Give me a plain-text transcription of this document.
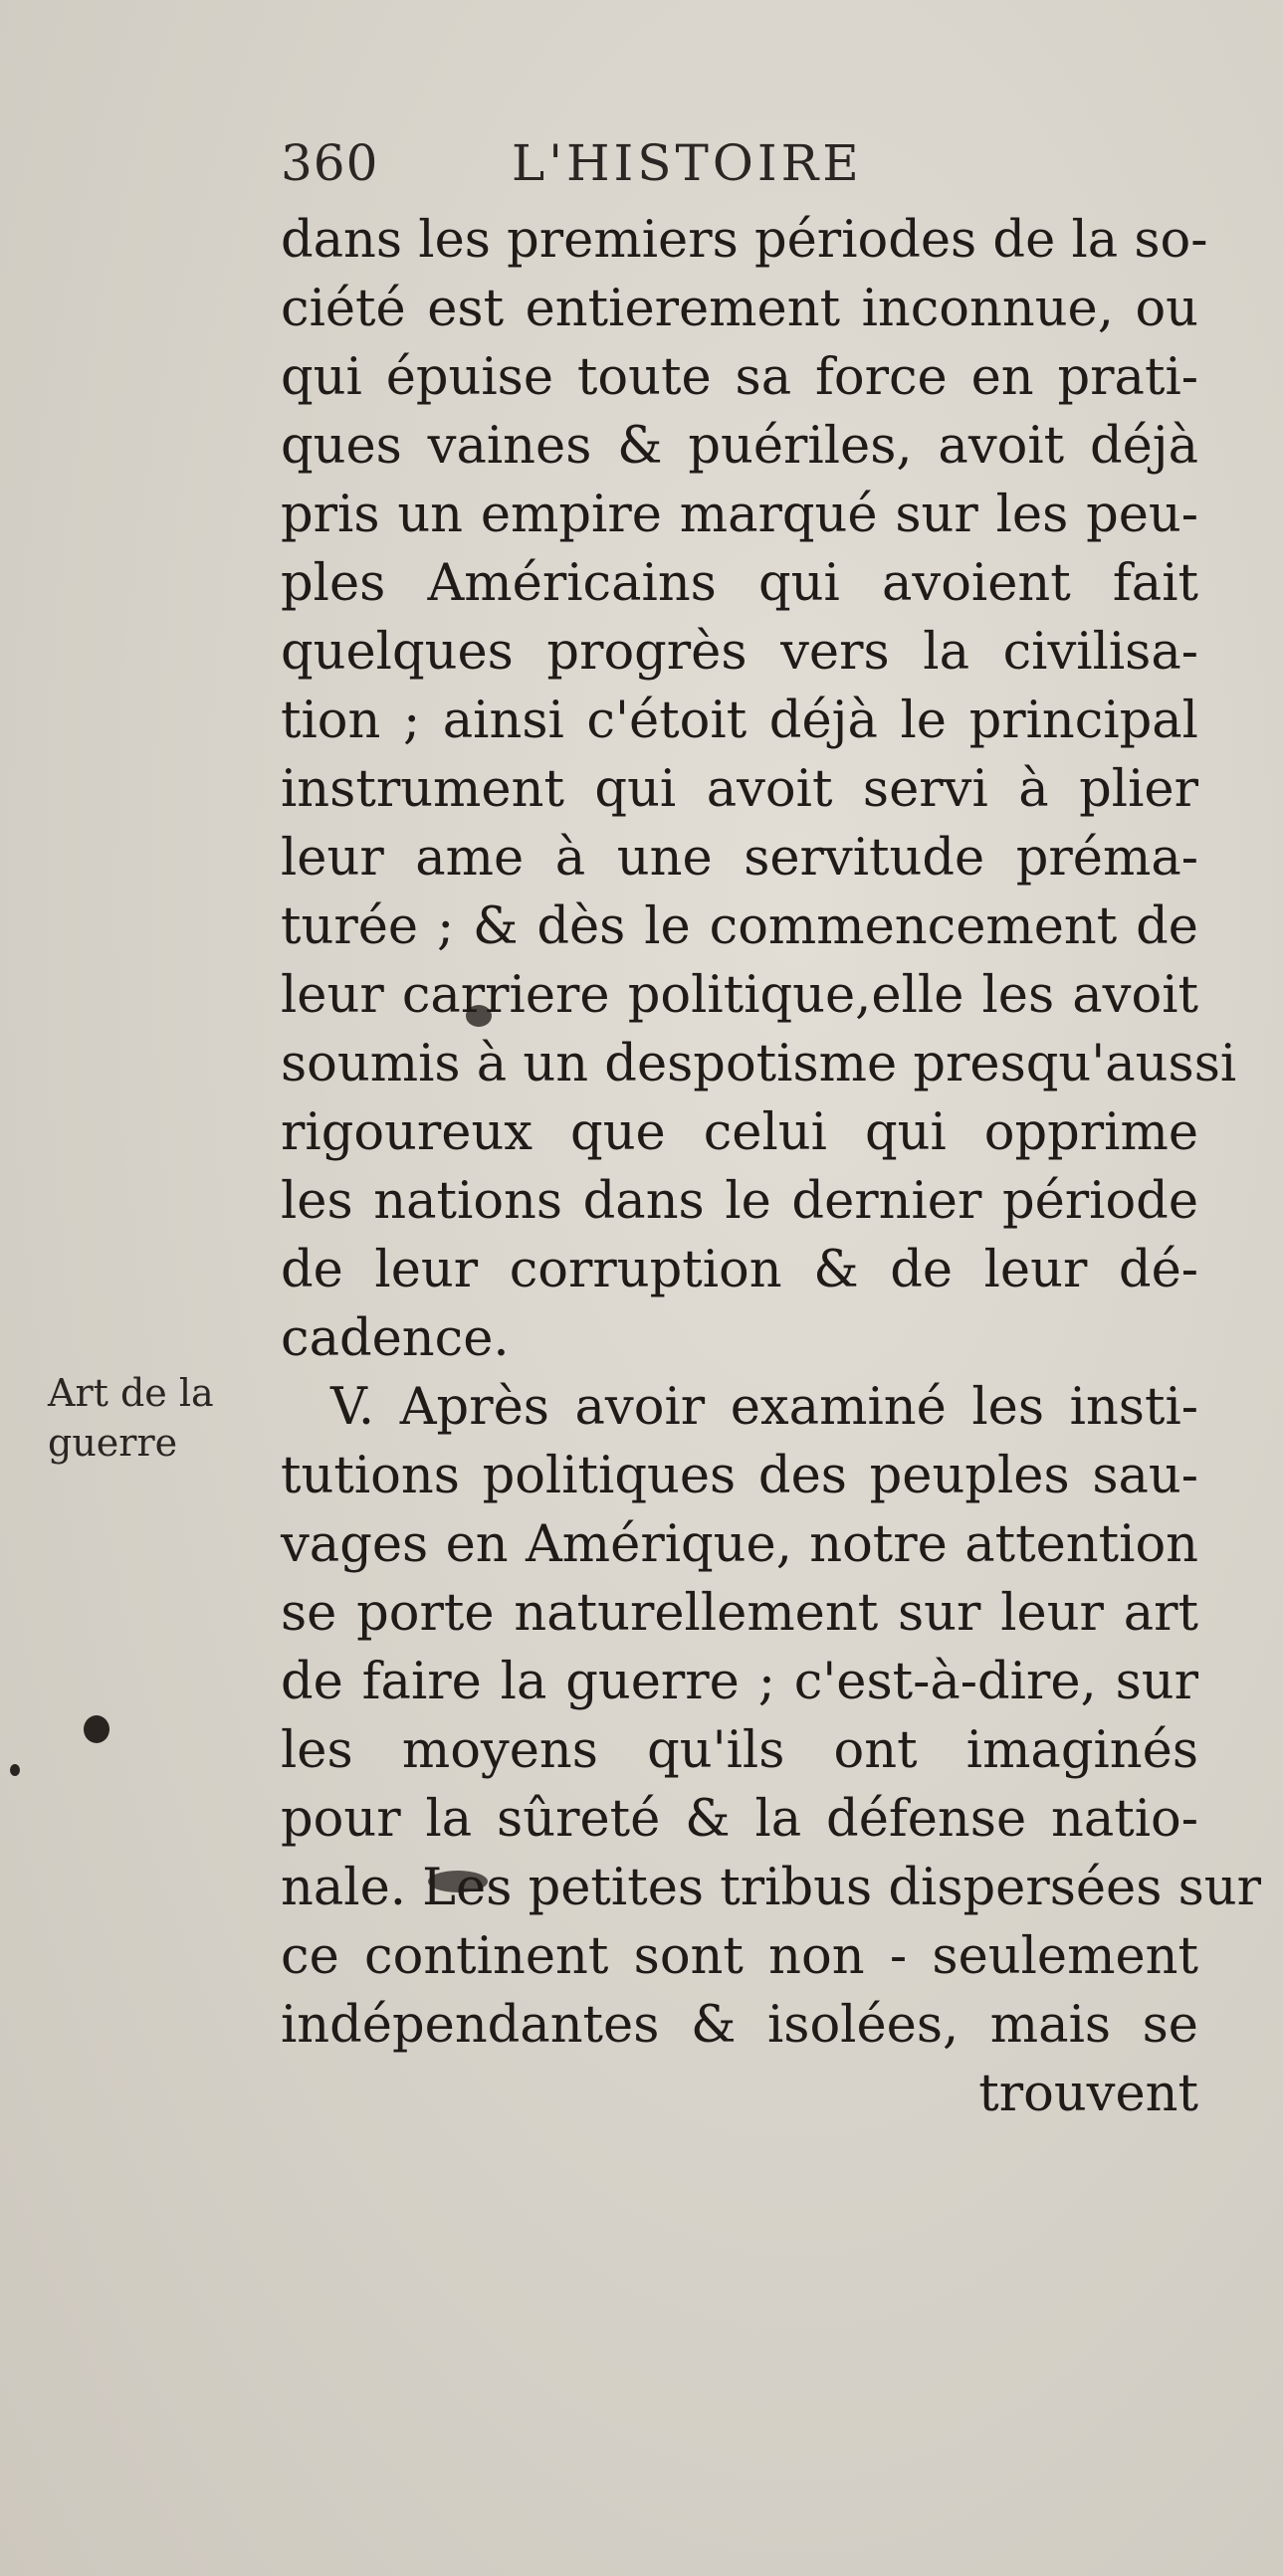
360	L'HISTOIRE
Art de la
guerre
dans les premiers périodes de la so-
ciété est entierement inconnue, ou
qui épuise toute sa force en prati-
ques vaines & puériles, avoit déjà
pris un empire marqué sur les peu-
ples Américains qui avoient fait
quelques progrès vers la civilisa-
tion ; ainsi c'étoit déjà le principal
instrument qui avoit servi à plier
leur ame à une servitude préma-
turée ; & dès le commencement de
leur carriere politique,elle les avoit
soumis à un despotisme presqu'aussi
rigoureux que celui qui opprime
les nations dans le dernier période
de leur corruption & de leur dé-
cadence.
V. Après avoir examiné les insti-
tutions politiques des peuples sau-
vages en Amérique, notre attention
se porte naturellement sur leur art
de faire la guerre ; c'est-à-dire, sur
les moyens qu'ils ont imaginés
pour la sûreté & la défense natio-
nale. Les petites tribus dispersées sur
ce continent sont non - seulement
indépendantes & isolées, mais se
trouvent
